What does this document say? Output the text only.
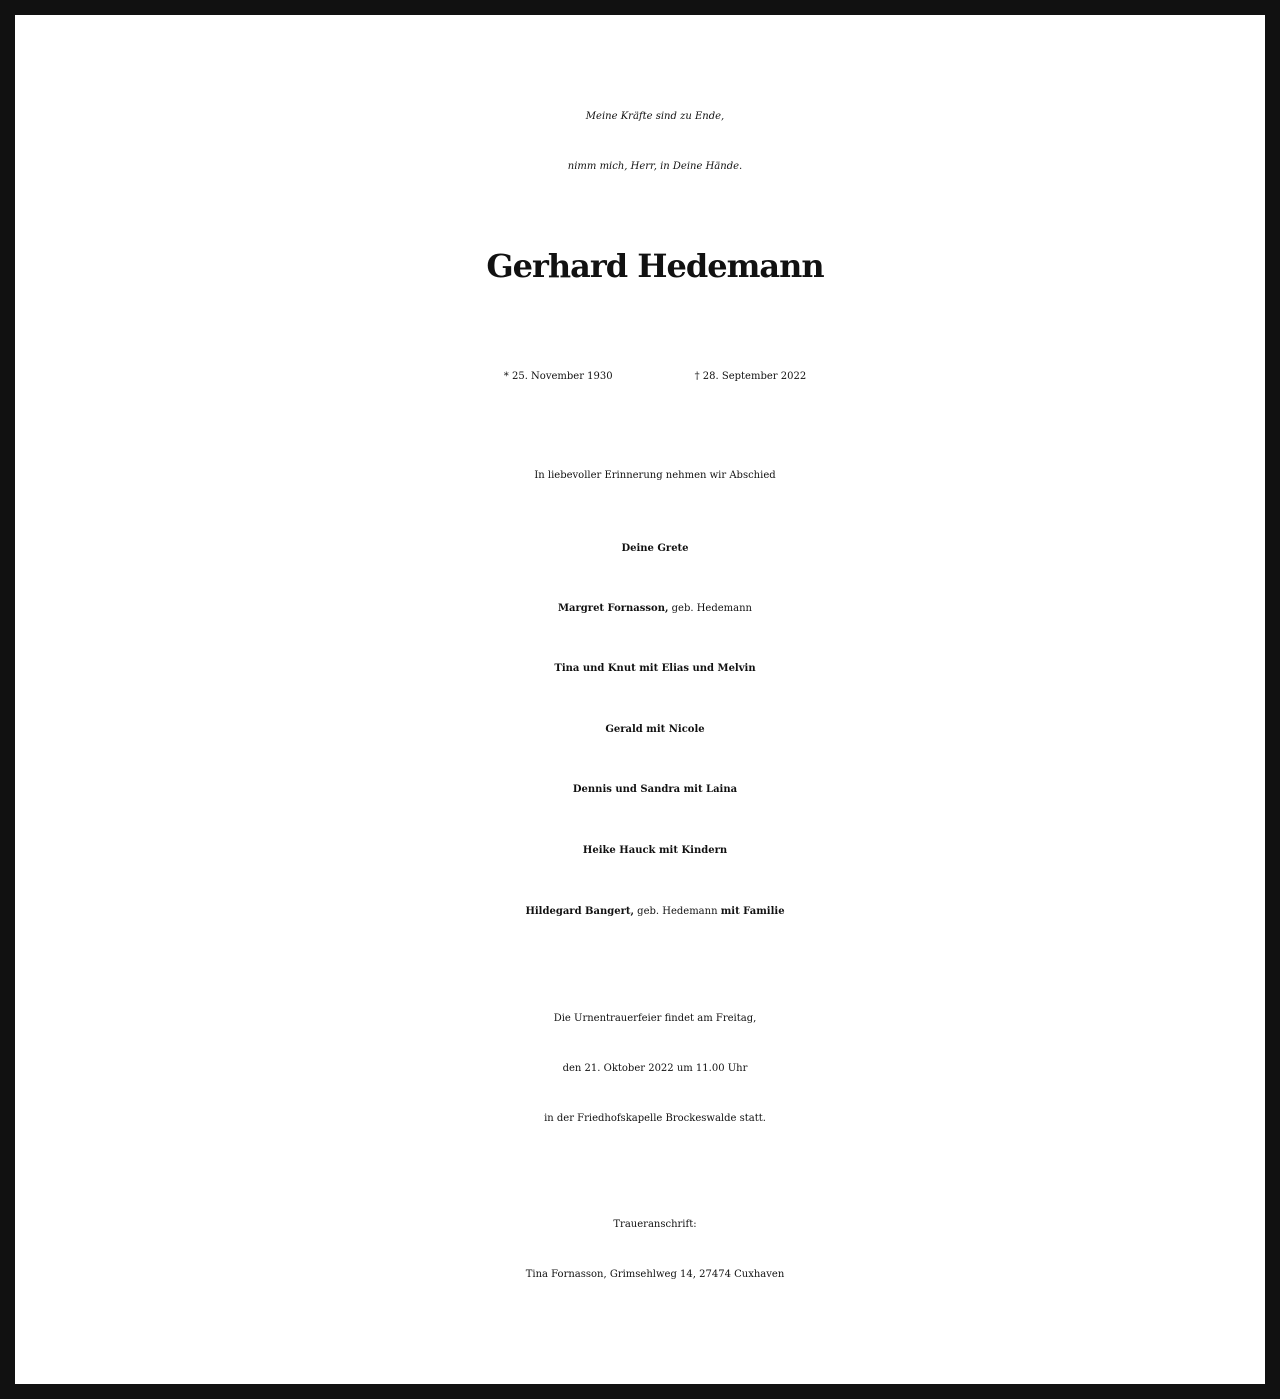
Meine Kräfte sind zu Ende,
nimm mich, Herr, in Deine Hände.
Gerhard Hedemann
* 25. November 1930	† 28. September 2022
In liebevoller Erinnerung nehmen wir Abschied
Deine Grete
Margret Fornasson, geb. Hedemann
Tina und Knut mit Elias und Melvin
Gerald mit Nicole
Dennis und Sandra mit Laina
Heike Hauck mit Kindern
Hildegard Bangert, geb. Hedemann mit Familie
Die Urnentrauerfeier findet am Freitag,
den 21. Oktober 2022 um 11.00 Uhr
in der Friedhofskapelle Brockeswalde statt.
Traueranschrift:
Tina Fornasson, Grimsehlweg 14, 27474 Cuxhaven
